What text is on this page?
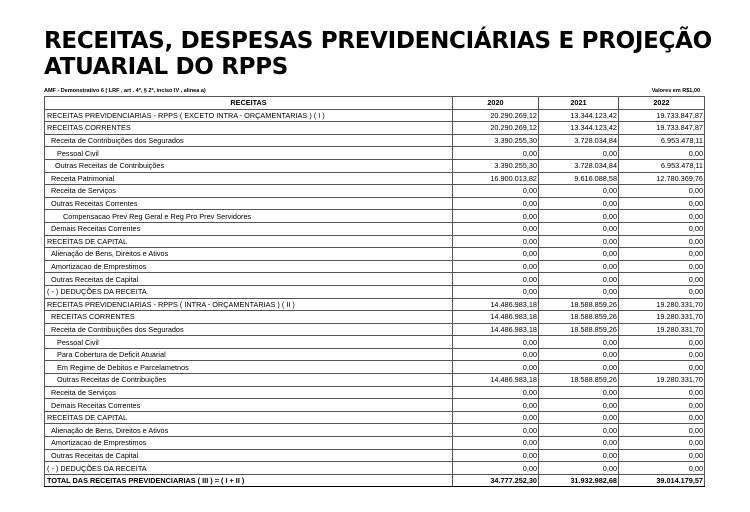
RECEITAS, DESPESAS PREVIDENCIÁRIAS E PROJEÇÃO ATUARIAL DO RPPS
AMF - Demonstrativo 6 ( LRF , art . 4º, § 2º, inciso IV , alinea a)	Valores em R$1,00
RECEITAS	2020	2021	2022
RECEITAS PREVIDENCIARIAS - RPPS ( EXCETO INTRA - ORÇAMENTARIAS ) ( I )	20.290.269,12	13.344.123,42	19.733.847,87
RECEITAS CORRENTES	20.290.269,12	13.344.123,42	19.733.847,87
Receita de Contribuições dos Segurados	3.390.255,30	3.728.034,84	6.953.478,11
Pessoal Civil	0,00	0,00	0,00
Outras Receitas de Contribuições	3.390.255,30	3.728.034,84	6.953.478,11
Receita Patrimonial	16.900.013,82	9.616.088,58	12.780.369,76
Receita de Serviços	0,00	0,00	0,00
Outras Receitas Correntes	0,00	0,00	0,00
Compensacao Prev Reg Geral e Reg Pro Prev Servidores	0,00	0,00	0,00
Demais Receitas Correntes	0,00	0,00	0,00
RECEITAS DE CAPITAL	0,00	0,00	0,00
Alienação de Bens, Direitos e Ativos	0,00	0,00	0,00
Amortizacao de Emprestimos	0,00	0,00	0,00
Outras Receitas de Capital	0,00	0,00	0,00
( - ) DEDUÇÕES DA RECEITA	0,00	0,00	0,00
RECEITAS PREVIDENCIARIAS - RPPS ( INTRA - ORÇAMENTARIAS ) ( II )	14.486.983,18	18.588.859,26	19.280.331,70
RECEITAS CORRENTES	14.486.983,18	18.588.859,26	19.280.331,70
Receita de Contribuições dos Segurados	14.486.983,18	18.588.859,26	19.280.331,70
Pessoal Civil	0,00	0,00	0,00
Para Cobertura de Deficit Atuarial	0,00	0,00	0,00
Em Regime de Debitos e Parcelametnos	0,00	0,00	0,00
Outras Receitas de Contribuições	14.486.983,18	18.588.859,26	19.280.331,70
Receita de Serviços	0,00	0,00	0,00
Demais Receitas Correntes	0,00	0,00	0,00
RECEITAS DE CAPITAL	0,00	0,00	0,00
Alienação de Bens, Direitos e Ativos	0,00	0,00	0,00
Amortizacao de Emprestimos	0,00	0,00	0,00
Outras Receitas de Capital	0,00	0,00	0,00
( - ) DEDUÇÕES DA RECEITA	0,00	0,00	0,00
TOTAL DAS RECEITAS PREVIDENCIARIAS ( III ) = ( I + II )	34.777.252,30	31.932.982,68	39.014.179,57
